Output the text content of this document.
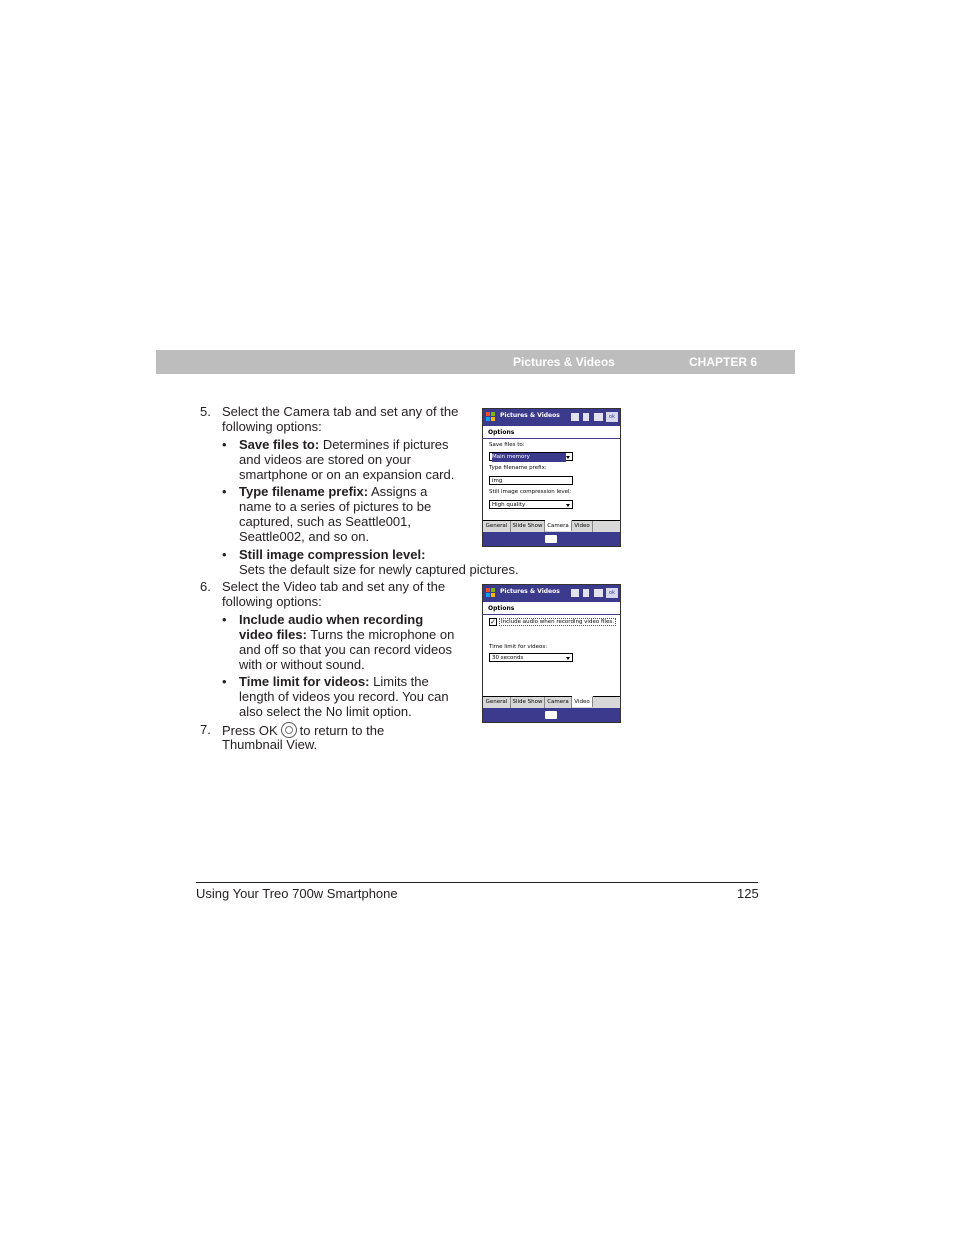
Pictures & Videos	CHAPTER 6
5. Select the Camera tab and set any of the
following options:
• Save files to: Determines if pictures
and videos are stored on your
smartphone or on an expansion card.
• Type filename prefix: Assigns a
name to a series of pictures to be
captured, such as Seattle001,
Seattle002, and so on.
• Still image compression level:
Sets the default size for newly captured pictures.
Pictures & Videos	ok
Options
Save files to:
Main memory
Type filename prefix:
img
Still image compression level:
High quality
General Slide Show Camera Video
6. Select the Video tab and set any of the
following options:
• Include audio when recording
video files: Turns the microphone on
and off so that you can record videos
with or without sound.
• Time limit for videos: Limits the
length of videos you record. You can
also select the No limit option.
Pictures & Videos	ok
Options
✓ Include audio when recording video files.
Time limit for videos:
30 seconds
General Slide Show Camera Video
7. Press OK to return to the
Thumbnail View.
Using Your Treo 700w Smartphone	125
